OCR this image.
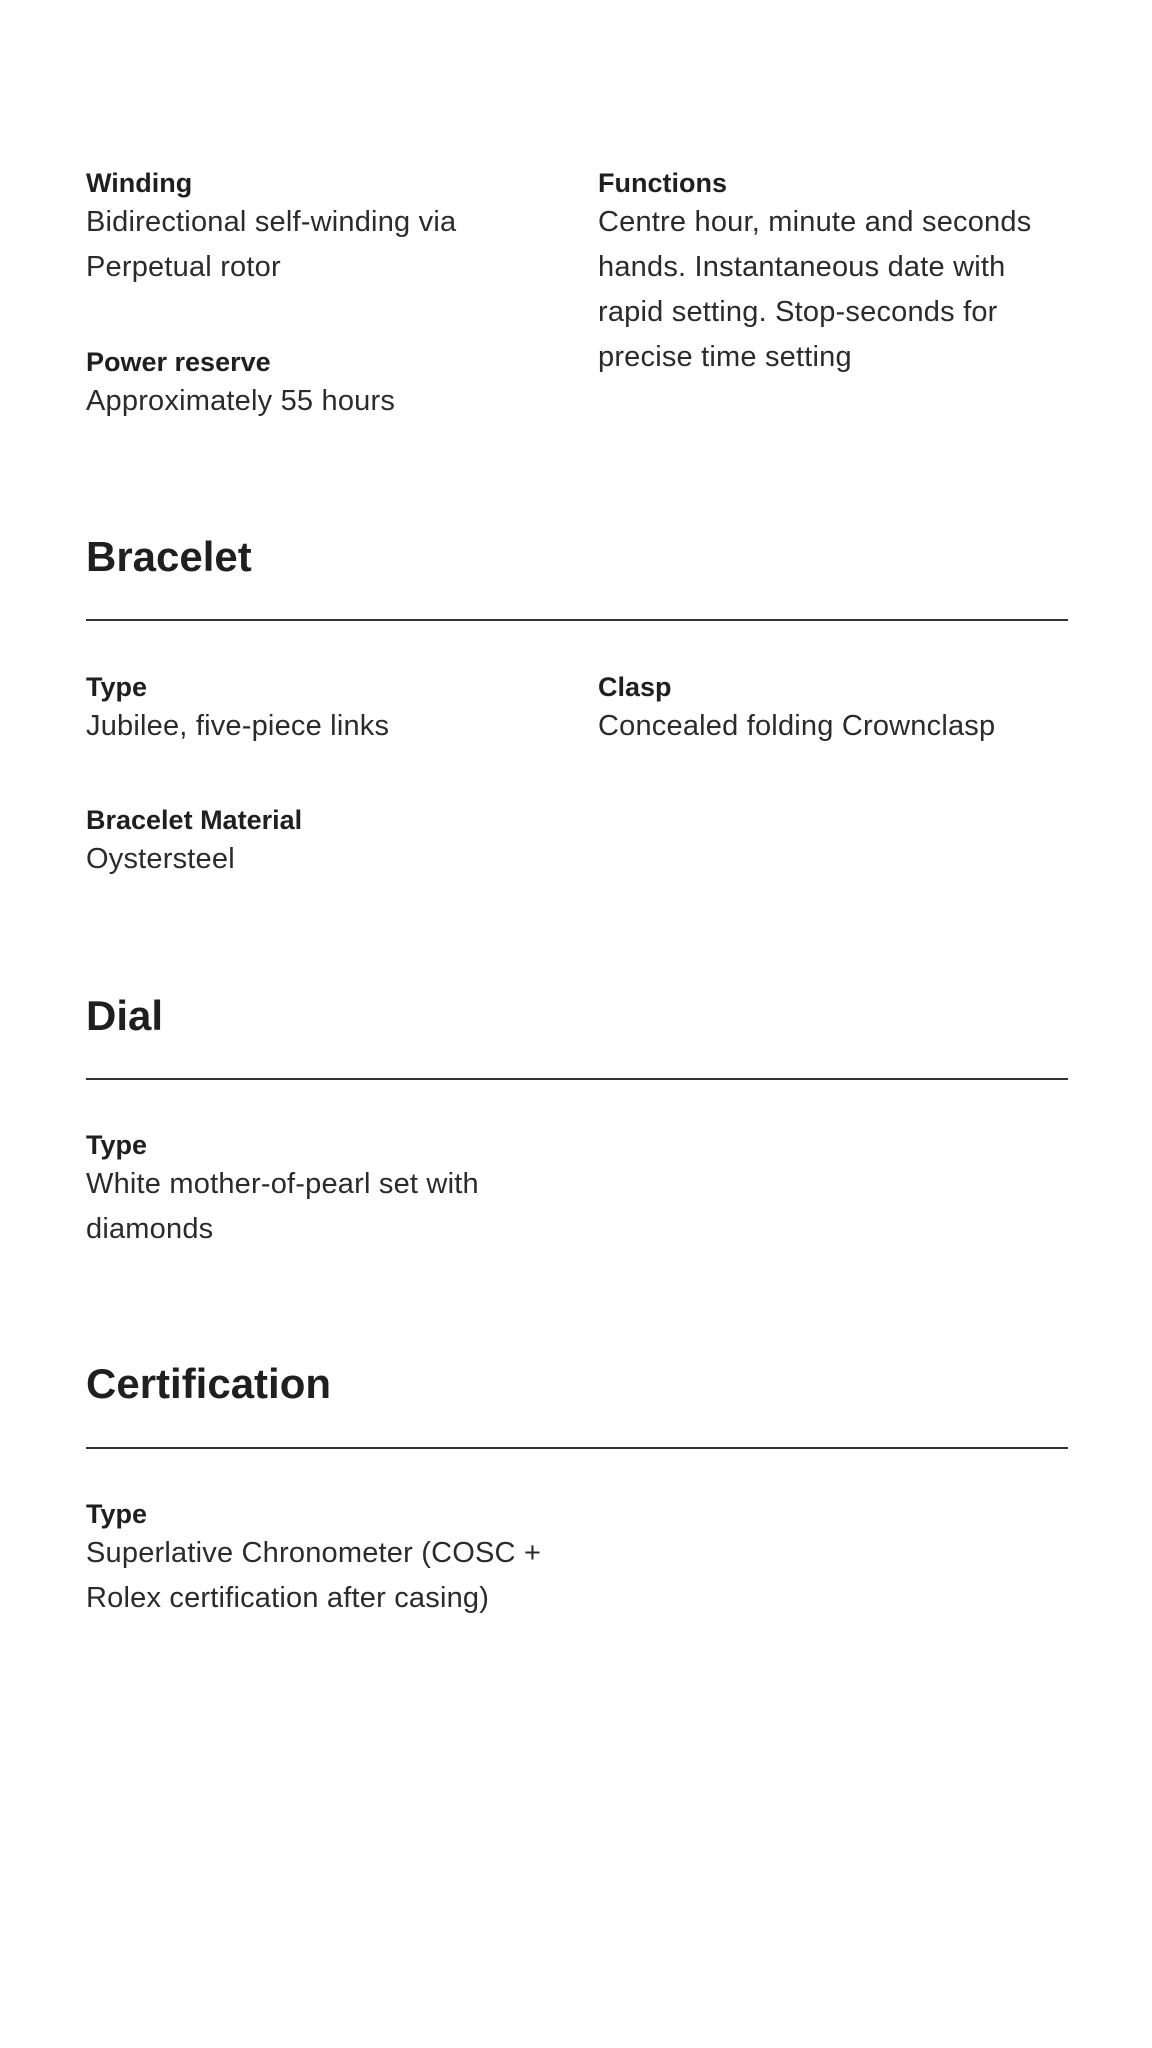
Winding

Bidirectional self-winding via Perpetual rotor

Functions

Centre hour, minute and seconds hands. Instantaneous date with rapid setting. Stop-seconds for precise time setting

Power reserve

Approximately 55 hours

Bracelet

Type

Jubilee, five-piece links

Clasp

Concealed folding Crownclasp

Bracelet Material

Oystersteel

Dial

Type

White mother-of-pearl set with diamonds

Certification

Type

Superlative Chronometer (COSC + Rolex certification after casing)
